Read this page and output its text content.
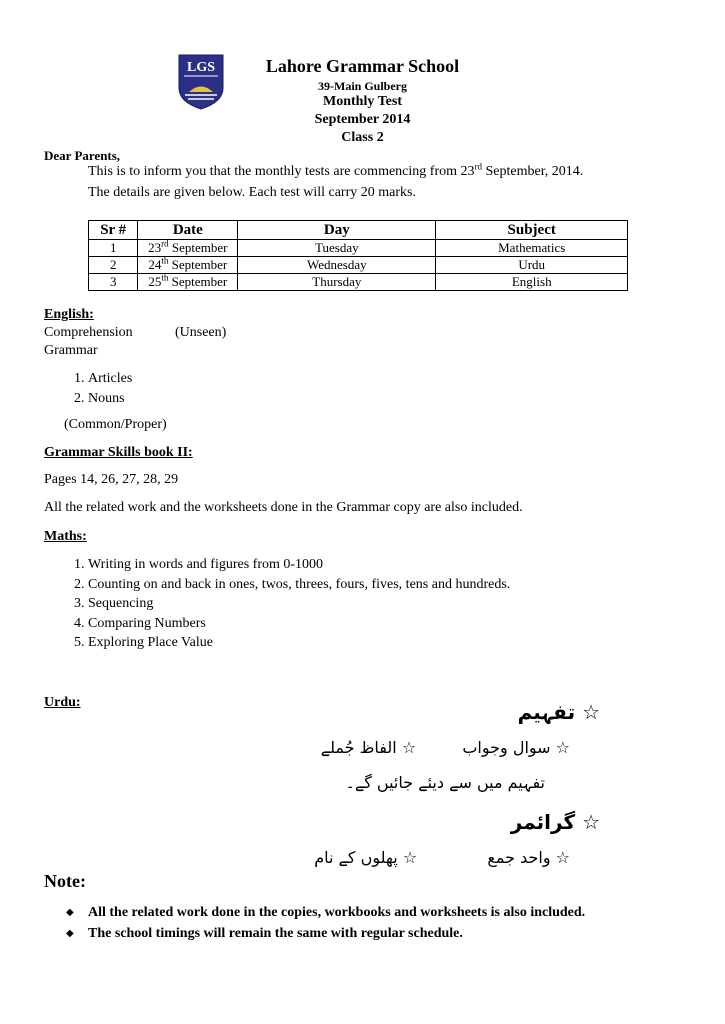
LGS	Lahore Grammar School
39-Main Gulberg
Monthly Test
September 2014
Class 2
Dear Parents,
This is to inform you that the monthly tests are commencing from 23rd September, 2014.
The details are given below. Each test will carry 20 marks.
Sr #	Date	Day	Subject
1	23rd September	Tuesday	Mathematics
2	24th September	Wednesday	Urdu
3	25th September	Thursday	English
English:
Comprehension	(Unseen)
Grammar
1. Articles
2. Nouns
(Common/Proper)
Grammar Skills book II:
Pages 14, 26, 27, 28, 29
All the related work and the worksheets done in the Grammar copy are also included.
Maths:
1. Writing in words and figures from 0-1000
2. Counting on and back in ones, twos, threes, fours, fives, tens and hundreds.
3. Sequencing
4. Comparing Numbers
5. Exploring Place Value
Urdu:	☆ تفہیم
☆ سوال وجواب  ☆ الفاظ جُملے
تفہیم میں سے دیئے جائیں گے۔
☆ گرائمر
☆ واحد جمع  ☆ پھلوں کے نام
Note:
◆ All the related work done in the copies, workbooks and worksheets is also included.
◆ The school timings will remain the same with regular schedule.
